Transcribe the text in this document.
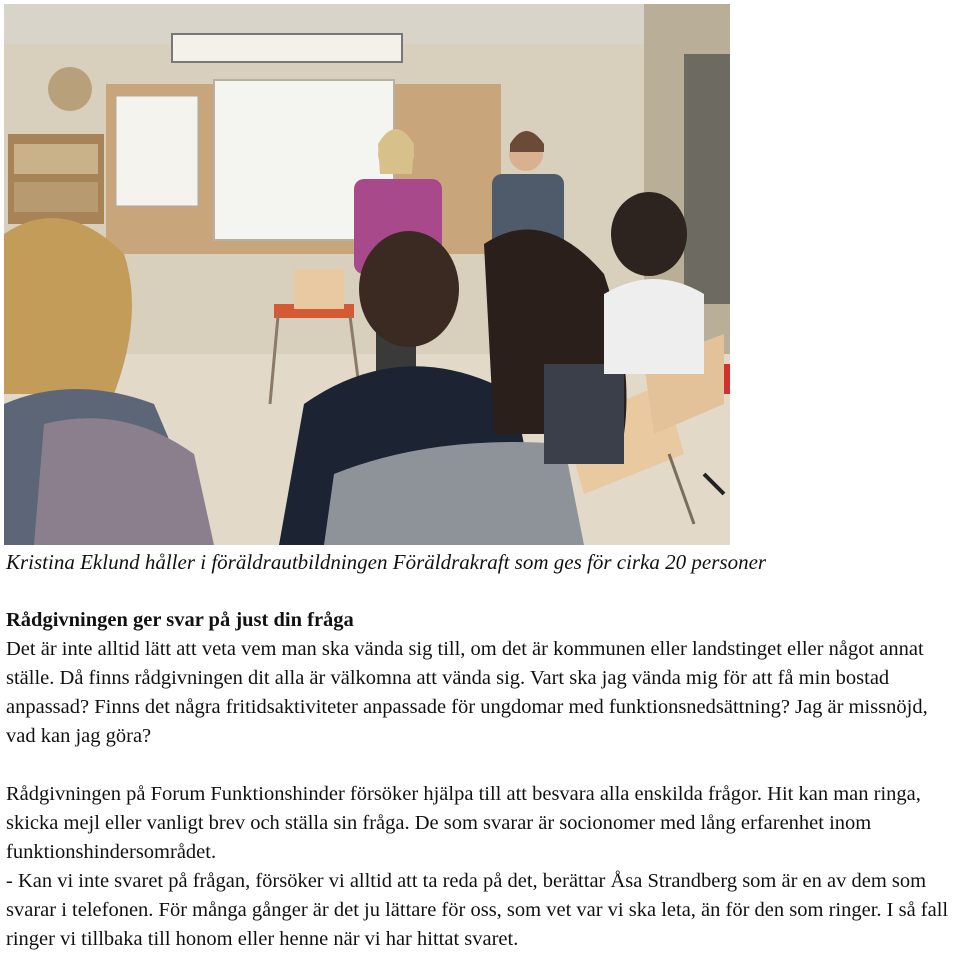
Kristina Eklund håller i föräldrautbildningen Föräldrakraft som ges för cirka 20 personer

Rådgivningen ger svar på just din fråga

Det är inte alltid lätt att veta vem man ska vända sig till, om det är kommunen eller landstinget eller något annat ställe. Då finns rådgivningen dit alla är välkomna att vända sig. Vart ska jag vända mig för att få min bostad anpassad? Finns det några fritidsaktiviteter anpassade för ungdomar med funktionsnedsättning? Jag är missnöjd, vad kan jag göra?

Rådgivningen på Forum Funktionshinder försöker hjälpa till att besvara alla enskilda frågor. Hit kan man ringa, skicka mejl eller vanligt brev och ställa sin fråga. De som svarar är socionomer med lång erfarenhet inom funktionshindersområdet.

- Kan vi inte svaret på frågan, försöker vi alltid att ta reda på det, berättar Åsa Strandberg som är en av dem som svarar i telefonen. För många gånger är det ju lättare för oss, som vet var vi ska leta, än för den som ringer. I så fall ringer vi tillbaka till honom eller henne när vi har hittat svaret.
